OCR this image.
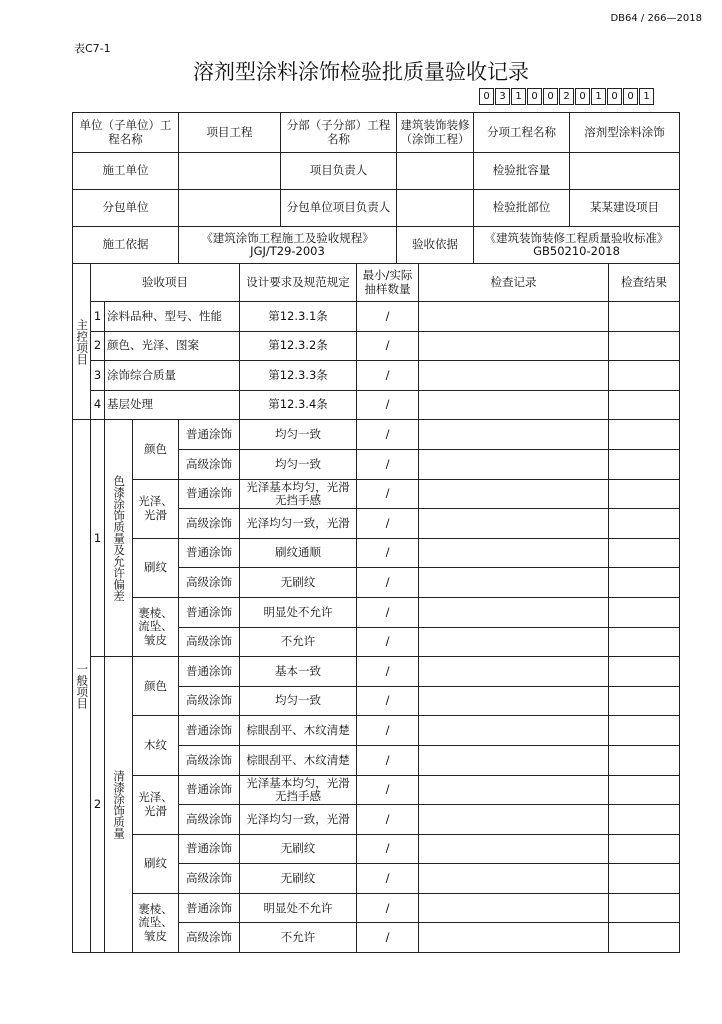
DB64 / 266—2018
表C7-1
溶剂型涂料涂饰检验批质量验收记录
0 3 1 0 0 2 0 1 0 0 1
单位（子单位）工程名称	项目工程	分部（子分部）工程名称	建筑装饰装修（涂饰工程）	分项工程名称	溶剂型涂料涂饰
施工单位		项目负责人		检验批容量	
分包单位		分包单位项目负责人		检验批部位	某某建设项目
施工依据	《建筑涂饰工程施工及验收规程》JGJ/T29-2003		验收依据	《建筑装饰装修工程质量验收标准》GB50210-2018	
主控项目	验收项目				设计要求及规范规定	最小/实际抽样数量	检查记录	检查结果
	1	涂料品种、型号、性能			第12.3.1条	/		
	2	颜色、光泽、图案			第12.3.2条	/		
	3	涂饰综合质量			第12.3.3条	/		
	4	基层处理			第12.3.4条	/		

一般项目	1	色漆涂饰质量及允许偏差	颜色	普通涂饰	均匀一致	/		
				高级涂饰	均匀一致	/		
			光泽、光滑	普通涂饰	光泽基本均匀，光滑无挡手感	/		
				高级涂饰	光泽均匀一致，光滑	/		
			刷纹	普通涂饰	刷纹通顺	/		
				高级涂饰	无刷纹	/		
			裹棱、流坠、皱皮	普通涂饰	明显处不允许	/		
				高级涂饰	不允许	/		
	2	清漆涂饰质量	颜色	普通涂饰	基本一致	/		
				高级涂饰	均匀一致	/		
			木纹	普通涂饰	棕眼刮平、木纹清楚	/		
				高级涂饰	棕眼刮平、木纹清楚	/		
			光泽、光滑	普通涂饰	光泽基本均匀，光滑无挡手感	/		
				高级涂饰	光泽均匀一致，光滑	/		
			刷纹	普通涂饰	无刷纹	/		
				高级涂饰	无刷纹	/		
			裹棱、流坠、皱皮	普通涂饰	明显处不允许	/		
				高级涂饰	不允许	/		
